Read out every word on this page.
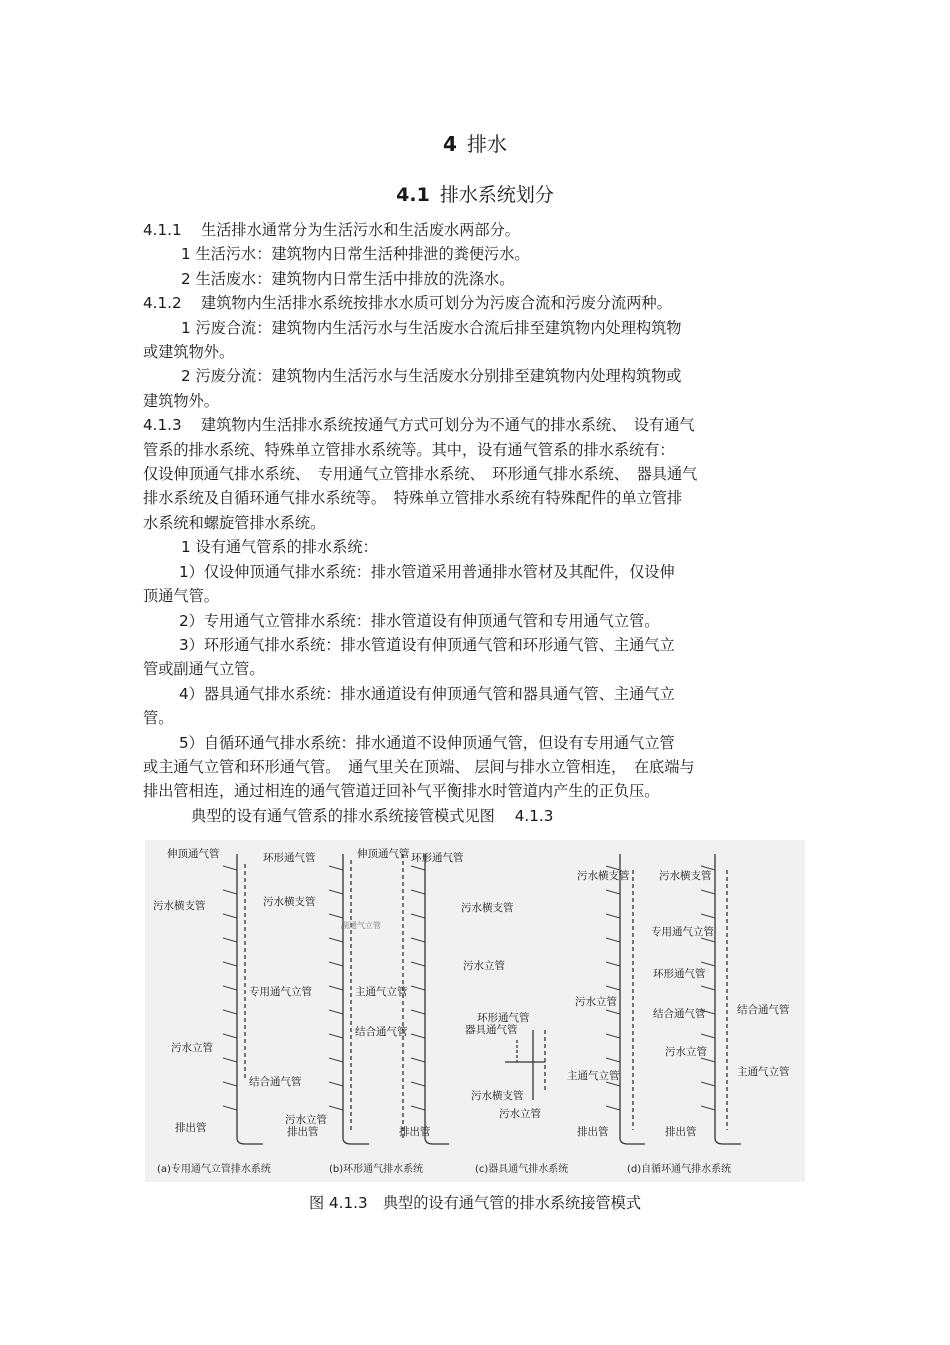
4 排水
4.1 排水系统划分

4.1.1 生活排水通常分为生活污水和生活废水两部分。

1 生活污水：建筑物内日常生活种排泄的粪便污水。

2 生活废水：建筑物内日常生活中排放的洗涤水。

4.1.2 建筑物内生活排水系统按排水水质可划分为污废合流和污废分流两种。

1 污废合流：建筑物内生活污水与生活废水合流后排至建筑物内处理构筑物

或建筑物外。

2 污废分流：建筑物内生活污水与生活废水分别排至建筑物内处理构筑物或

建筑物外。

4.1.3 建筑物内生活排水系统按通气方式可划分为不通气的排水系统、　设有通气

管系的排水系统、特殊单立管排水系统等。其中，设有通气管系的排水系统有：

仅设伸顶通气排水系统、　专用通气立管排水系统、　环形通气排水系统、　器具通气

排水系统及自循环通气排水系统等。　特殊单立管排水系统有特殊配件的单立管排

水系统和螺旋管排水系统。

1 设有通气管系的排水系统：

1）仅设伸顶通气排水系统：排水管道采用普通排水管材及其配件，仅设伸

顶通气管。

2）专用通气立管排水系统：排水管道设有伸顶通气管和专用通气立管。

3）环形通气排水系统：排水管道设有伸顶通气管和环形通气管、主通气立

管或副通气立管。

4）器具通气排水系统：排水通道设有伸顶通气管和器具通气管、主通气立

管。

5）自循环通气排水系统：排水通道不设伸顶通气管，但设有专用通气立管

或主通气立管和环形通气管。　通气里关在顶端、 层间与排水立管相连，　在底端与

排出管相连，通过相连的通气管道迂回补气平衡排水时管道内产生的正负压。

典型的设有通气管系的排水系统接管模式见图　 4.1.3

伸顶通气管
污水横支管
专用通气立管
污水立管
结合通气管
排出管
环形通气管
污水横支管
主通气立管
结合通气管
污水立管
排出管
伸顶通气管 环形通气管
污水横支管
副通气立管
污水立管
排出管
环形通气管
器具通气管
主通气立管
污水横支管
污水立管
污水横支管	污水横支管
专用通气立管
环形通气管
污水立管
结合通气管	结合通气管
污水立管
主通气立管
排出管	排出管
(a)专用通气立管排水系统	(b)环形通气排水系统	(c)器具通气排水系统	(d)自循环通气排水系统
图 4.1.3　典型的设有通气管的排水系统接管模式
